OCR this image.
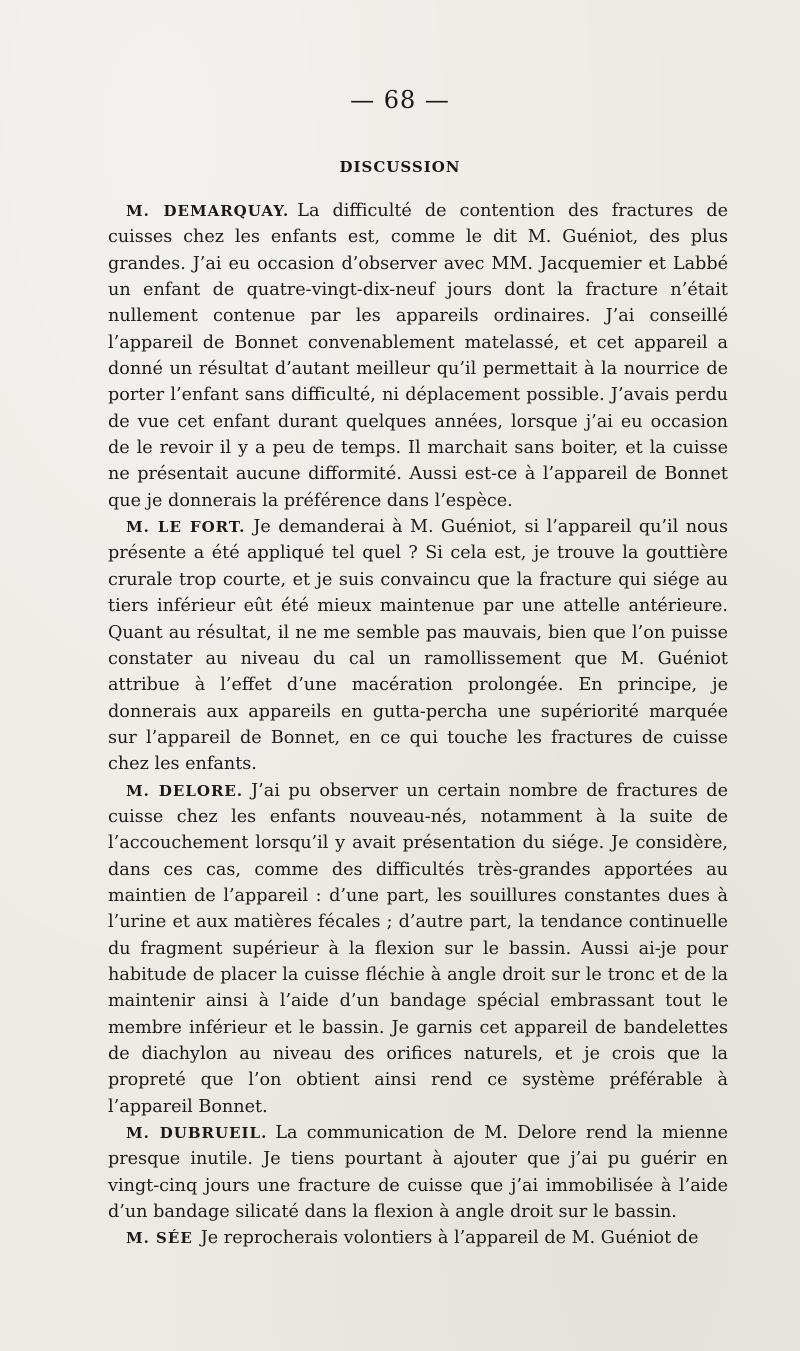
— 68 —
DISCUSSION

M. DEMARQUAY. La difficulté de contention des fractures de cuisses chez les enfants est, comme le dit M. Guéniot, des plus grandes. J’ai eu occasion d’observer avec MM. Jacquemier et Labbé un enfant de quatre-vingt-dix-neuf jours dont la fracture n’était nullement contenue par les appareils ordinaires. J’ai conseillé l’appareil de Bonnet convenablement matelassé, et cet appareil a donné un résultat d’autant meilleur qu’il permettait à la nourrice de porter l’enfant sans difficulté, ni déplacement possible. J’avais perdu de vue cet enfant durant quelques années, lorsque j’ai eu occasion de le revoir il y a peu de temps. Il marchait sans boiter, et la cuisse ne présentait aucune difformité. Aussi est-ce à l’appareil de Bonnet que je donnerais la préférence dans l’espèce.

M. LE FORT. Je demanderai à M. Guéniot, si l’appareil qu’il nous présente a été appliqué tel quel ? Si cela est, je trouve la gouttière crurale trop courte, et je suis convaincu que la fracture qui siége au tiers inférieur eût été mieux maintenue par une attelle antérieure. Quant au résultat, il ne me semble pas mauvais, bien que l’on puisse constater au niveau du cal un ramollissement que M. Guéniot attribue à l’effet d’une macération prolongée. En principe, je donnerais aux appareils en gutta-percha une supériorité marquée sur l’appareil de Bonnet, en ce qui touche les fractures de cuisse chez les enfants.

M. DELORE. J’ai pu observer un certain nombre de fractures de cuisse chez les enfants nouveau-nés, notamment à la suite de l’accouchement lorsqu’il y avait présentation du siége. Je considère, dans ces cas, comme des difficultés très-grandes apportées au maintien de l’appareil : d’une part, les souillures constantes dues à l’urine et aux matières fécales ; d’autre part, la tendance continuelle du fragment supérieur à la flexion sur le bassin. Aussi ai-je pour habitude de placer la cuisse fléchie à angle droit sur le tronc et de la maintenir ainsi à l’aide d’un bandage spécial embrassant tout le membre inférieur et le bassin. Je garnis cet appareil de bandelettes de diachylon au niveau des orifices naturels, et je crois que la propreté que l’on obtient ainsi rend ce système préférable à l’appareil Bonnet.

M. DUBRUEIL. La communication de M. Delore rend la mienne presque inutile. Je tiens pourtant à ajouter que j’ai pu guérir en vingt-cinq jours une fracture de cuisse que j’ai immobilisée à l’aide d’un bandage silicaté dans la flexion à angle droit sur le bassin.

M. SÉE Je reprocherais volontiers à l’appareil de M. Guéniot de
